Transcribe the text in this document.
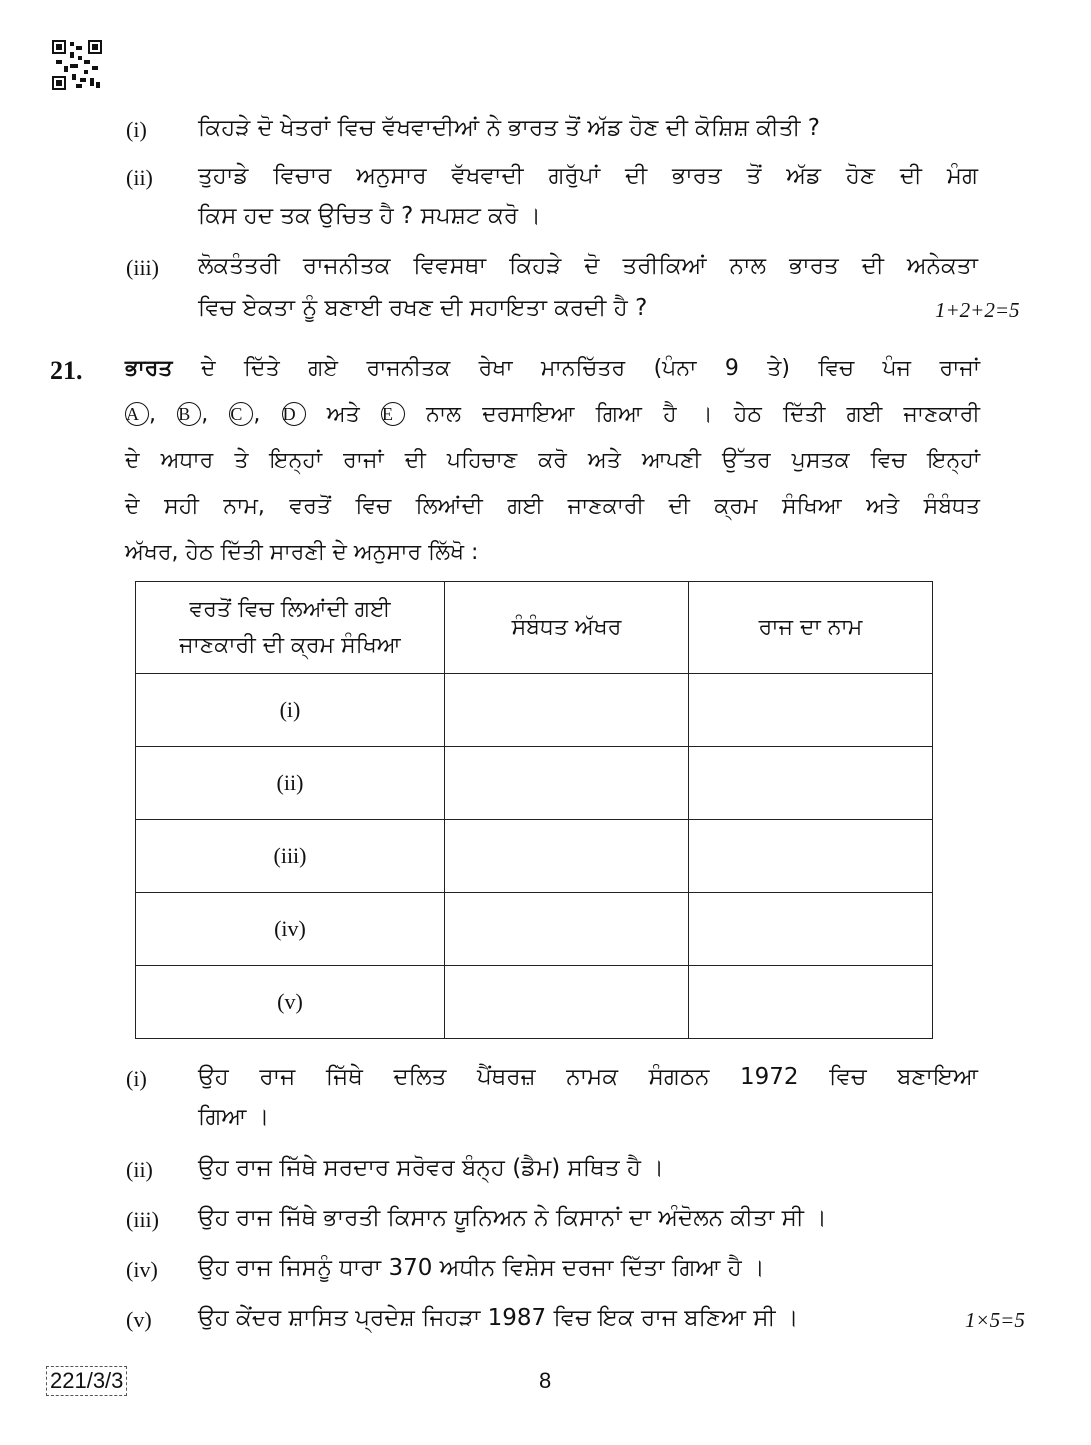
(i) ਕਿਹੜੇ ਦੋ ਖੇਤਰਾਂ ਵਿਚ ਵੱਖਵਾਦੀਆਂ ਨੇ ਭਾਰਤ ਤੋਂ ਅੱਡ ਹੋਣ ਦੀ ਕੋਸ਼ਿਸ਼ ਕੀਤੀ ?
(ii) ਤੁਹਾਡੇ ਵਿਚਾਰ ਅਨੁਸਾਰ ਵੱਖਵਾਦੀ ਗਰੁੱਪਾਂ ਦੀ ਭਾਰਤ ਤੋਂ ਅੱਡ ਹੋਣ ਦੀ ਮੰਗ
ਕਿਸ ਹਦ ਤਕ ਉਚਿਤ ਹੈ ? ਸਪਸ਼ਟ ਕਰੋ ।
(iii) ਲੋਕਤੰਤਰੀ ਰਾਜਨੀਤਕ ਵਿਵਸਥਾ ਕਿਹੜੇ ਦੋ ਤਰੀਕਿਆਂ ਨਾਲ ਭਾਰਤ ਦੀ ਅਨੇਕਤਾ
ਵਿਚ ਏਕਤਾ ਨੂੰ ਬਣਾਈ ਰਖਣ ਦੀ ਸਹਾਇਤਾ ਕਰਦੀ ਹੈ ?	1+2+2=5
21. ਭਾਰਤ ਦੇ ਦਿੱਤੇ ਗਏ ਰਾਜਨੀਤਕ ਰੇਖਾ ਮਾਨਚਿੱਤਰ (ਪੰਨਾ 9 ਤੇ) ਵਿਚ ਪੰਜ ਰਾਜਾਂ
A , B , C , D ਅਤੇ E ਨਾਲ ਦਰਸਾਇਆ ਗਿਆ ਹੈ । ਹੇਠ ਦਿੱਤੀ ਗਈ ਜਾਣਕਾਰੀ
ਦੇ ਅਧਾਰ ਤੇ ਇਨ੍ਹਾਂ ਰਾਜਾਂ ਦੀ ਪਹਿਚਾਣ ਕਰੋ ਅਤੇ ਆਪਣੀ ਉੱਤਰ ਪੁਸਤਕ ਵਿਚ ਇਨ੍ਹਾਂ
ਦੇ ਸਹੀ ਨਾਮ, ਵਰਤੋਂ ਵਿਚ ਲਿਆਂਦੀ ਗਈ ਜਾਣਕਾਰੀ ਦੀ ਕ੍ਰਮ ਸੰਖਿਆ ਅਤੇ ਸੰਬੰਧਤ
ਅੱਖਰ, ਹੇਠ ਦਿੱਤੀ ਸਾਰਣੀ ਦੇ ਅਨੁਸਾਰ ਲਿੱਖੋ :
ਵਰਤੋਂ ਵਿਚ ਲਿਆਂਦੀ ਗਈ
ਜਾਣਕਾਰੀ ਦੀ ਕ੍ਰਮ ਸੰਖਿਆ	ਸੰਬੰਧਤ ਅੱਖਰ	ਰਾਜ ਦਾ ਨਾਮ
(i)		
(ii)		
(iii)		
(iv)		
(v)		
(i) ਉਹ ਰਾਜ ਜਿੱਥੇ ਦਲਿਤ ਪੈਂਥਰਜ਼ ਨਾਮਕ ਸੰਗਠਨ 1972 ਵਿਚ ਬਣਾਇਆ
ਗਿਆ ।
(ii) ਉਹ ਰਾਜ ਜਿੱਥੇ ਸਰਦਾਰ ਸਰੋਵਰ ਬੰਨ੍ਹ (ਡੈਮ) ਸਥਿਤ ਹੈ ।
(iii) ਉਹ ਰਾਜ ਜਿੱਥੇ ਭਾਰਤੀ ਕਿਸਾਨ ਯੂਨਿਅਨ ਨੇ ਕਿਸਾਨਾਂ ਦਾ ਅੰਦੋਲਨ ਕੀਤਾ ਸੀ ।
(iv) ਉਹ ਰਾਜ ਜਿਸਨੂੰ ਧਾਰਾ 370 ਅਧੀਨ ਵਿਸ਼ੇਸ ਦਰਜਾ ਦਿੱਤਾ ਗਿਆ ਹੈ ।
(v) ਉਹ ਕੇਂਦਰ ਸ਼ਾਸਿਤ ਪ੍ਰਦੇਸ਼ ਜਿਹੜਾ 1987 ਵਿਚ ਇਕ ਰਾਜ ਬਣਿਆ ਸੀ ।	1×5=5
221/3/3	8
